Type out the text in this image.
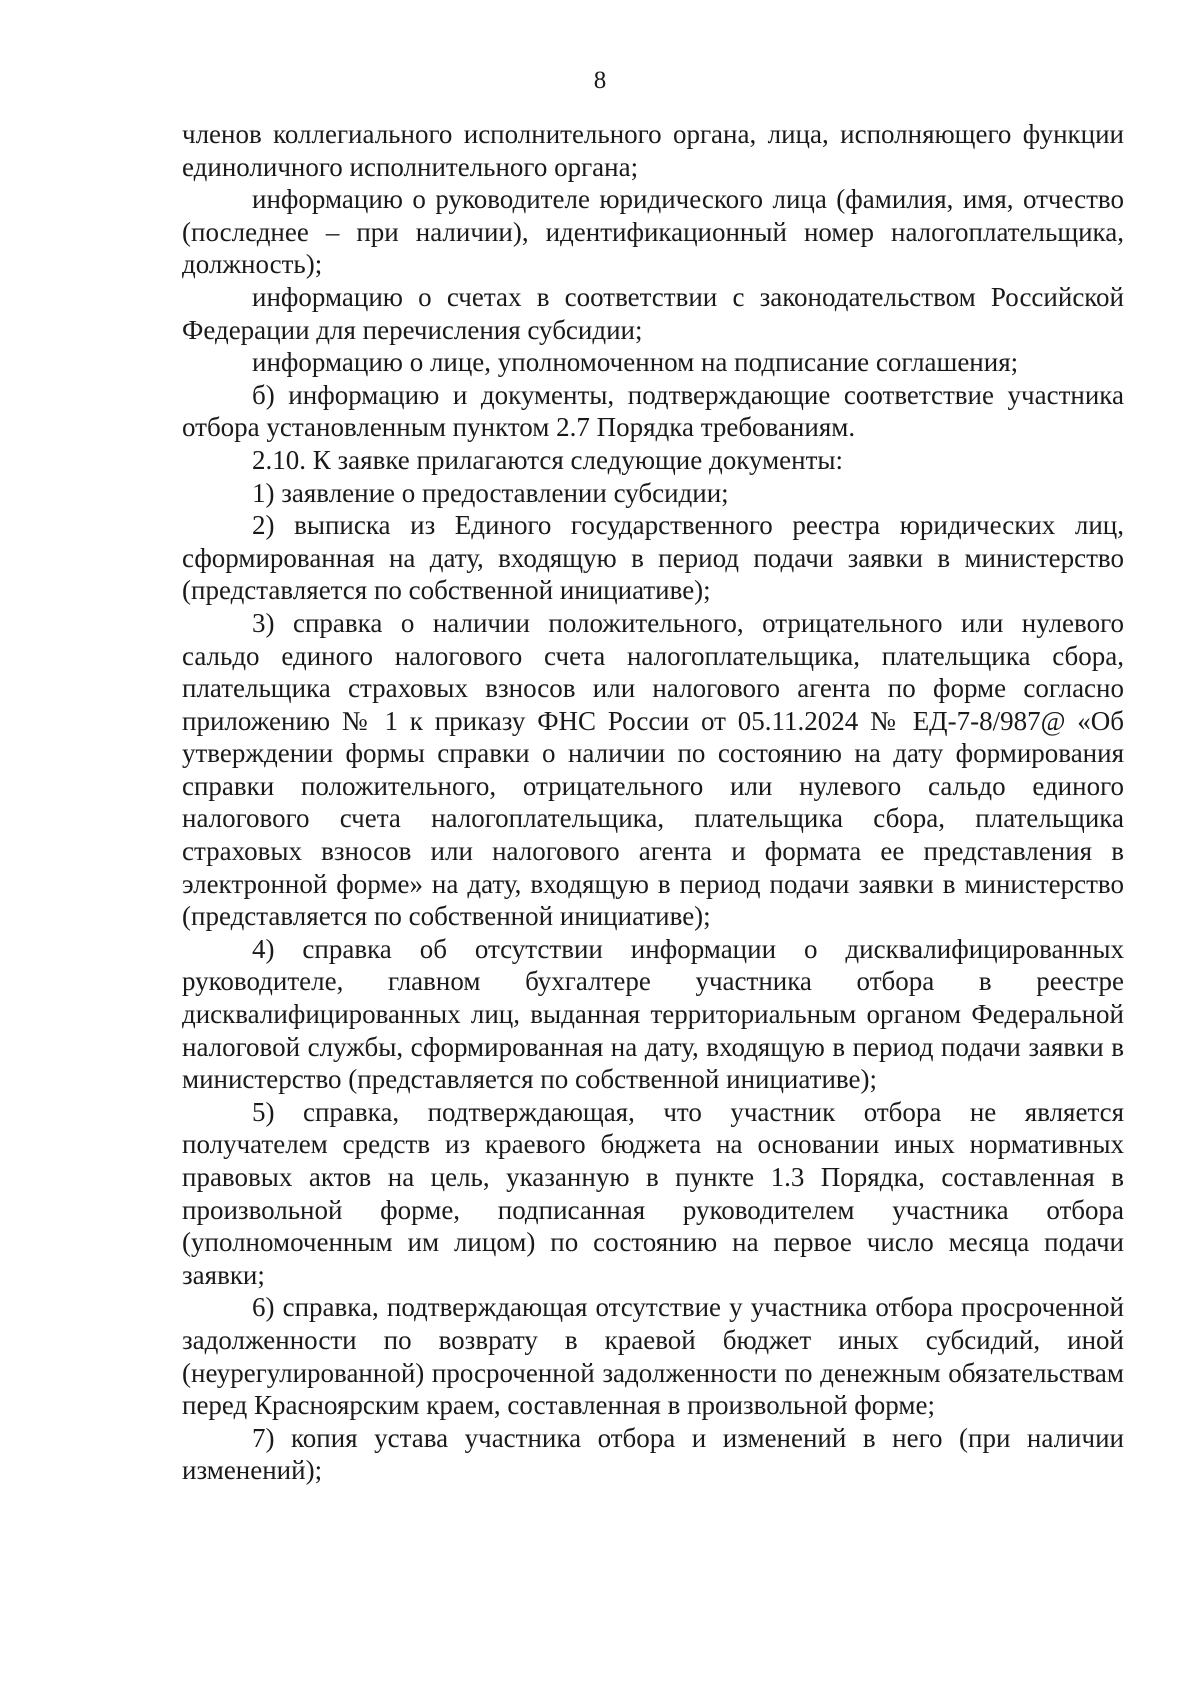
8

членов коллегиального исполнительного органа, лица, исполняющего функции единоличного исполнительного органа;

информацию о руководителе юридического лица (фамилия, имя, отчество (последнее – при наличии), идентификационный номер налогоплательщика, должность);

информацию о счетах в соответствии с законодательством Российской Федерации для перечисления субсидии;

информацию о лице, уполномоченном на подписание соглашения;

б) информацию и документы, подтверждающие соответствие участника отбора установленным пунктом 2.7 Порядка требованиям.

2.10. К заявке прилагаются следующие документы:

1) заявление о предоставлении субсидии;

2) выписка из Единого государственного реестра юридических лиц, сформированная на дату, входящую в период подачи заявки в министерство (представляется по собственной инициативе);

3) справка о наличии положительного, отрицательного или нулевого сальдо единого налогового счета налогоплательщика, плательщика сбора, плательщика страховых взносов или налогового агента по форме согласно приложению № 1 к приказу ФНС России от 05.11.2024 № ЕД-7-8/987@ «Об утверждении формы справки о наличии по состоянию на дату формирования справки положительного, отрицательного или нулевого сальдо единого налогового счета налогоплательщика, плательщика сбора, плательщика страховых взносов или налогового агента и формата ее представления в электронной форме» на дату, входящую в период подачи заявки в министерство (представляется по собственной инициативе);

4) справка об отсутствии информации о дисквалифицированных руководителе, главном бухгалтере участника отбора в реестре дисквалифицированных лиц, выданная территориальным органом Федеральной налоговой службы, сформированная на дату, входящую в период подачи заявки в министерство (представляется по собственной инициативе);

5) справка, подтверждающая, что участник отбора не является получателем средств из краевого бюджета на основании иных нормативных правовых актов на цель, указанную в пункте 1.3 Порядка, составленная в произвольной форме, подписанная руководителем участника отбора (уполномоченным им лицом) по состоянию на первое число месяца подачи заявки;

6) справка, подтверждающая отсутствие у участника отбора просроченной задолженности по возврату в краевой бюджет иных субсидий, иной (неурегулированной) просроченной задолженности по денежным обязательствам перед Красноярским краем, составленная в произвольной форме;

7) копия устава участника отбора и изменений в него (при наличии изменений);
